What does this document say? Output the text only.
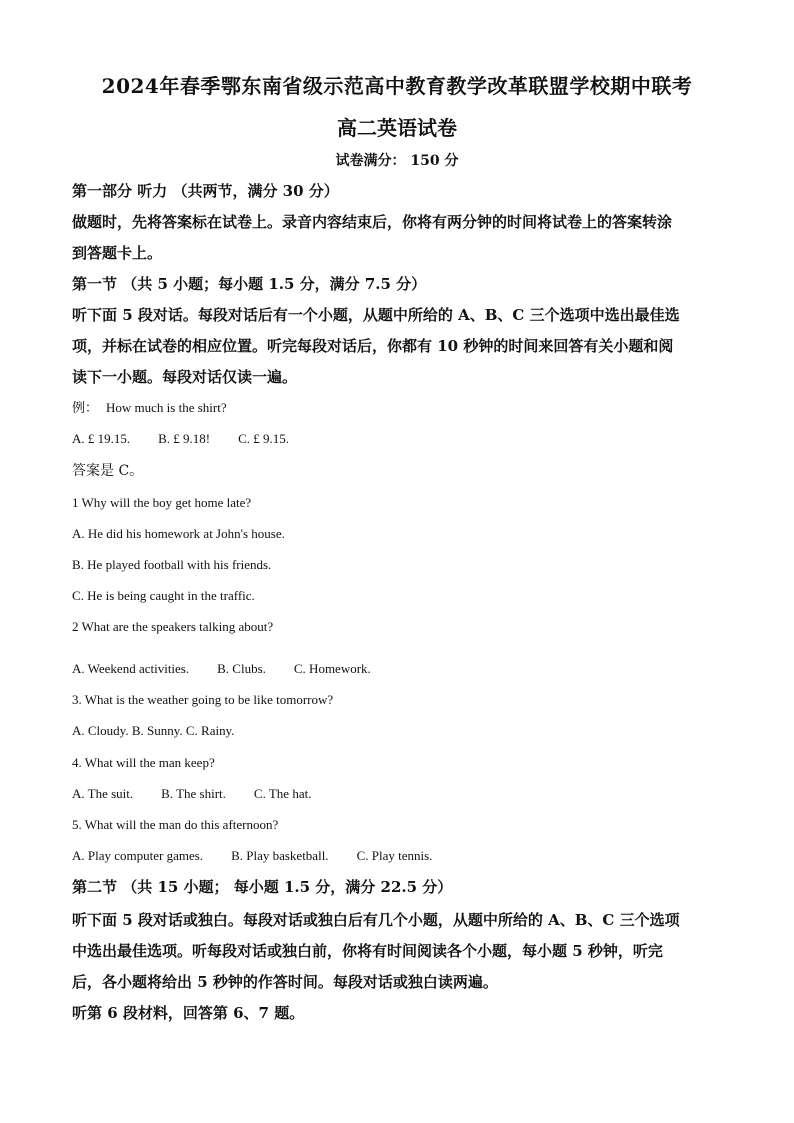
2024年春季鄂东南省级示范高中教育教学改革联盟学校期中联考
高二英语试卷
试卷满分： 150 分
第一部分 听力 （共两节，满分 30 分）
做题时，先将答案标在试卷上。录音内容结束后，你将有两分钟的时间将试卷上的答案转涂
到答题卡上。
第一节 （共 5 小题；每小题 1.5 分，满分 7.5 分）
听下面 5 段对话。每段对话后有一个小题，从题中所给的 A、B、C 三个选项中选出最佳选
项，并标在试卷的相应位置。听完每段对话后，你都有 10 秒钟的时间来回答有关小题和阅
读下一小题。每段对话仅读一遍。
例： How much is the shirt?
A. £ 19.15. B. £ 9.18! C. £ 9.15.
答案是 C。
1 Why will the boy get home late?
A. He did his homework at John's house.
B. He played football with his friends.
C. He is being caught in the traffic.
2 What are the speakers talking about?
A. Weekend activities. B. Clubs. C. Homework.
3. What is the weather going to be like tomorrow?
A. Cloudy. B. Sunny. C. Rainy.
4. What will the man keep?
A. The suit. B. The shirt. C. The hat.
5. What will the man do this afternoon?
A. Play computer games. B. Play basketball. C. Play tennis.
第二节 （共 15 小题； 每小题 1.5 分，满分 22.5 分）
听下面 5 段对话或独白。每段对话或独白后有几个小题，从题中所给的 A、B、C 三个选项
中选出最佳选项。听每段对话或独白前，你将有时间阅读各个小题，每小题 5 秒钟，听完
后，各小题将给出 5 秒钟的作答时间。每段对话或独白读两遍。
听第 6 段材料，回答第 6、7 题。
